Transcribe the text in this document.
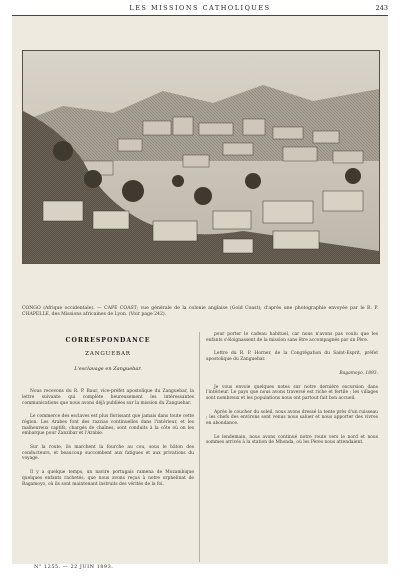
LES MISSIONS CATHOLIQUES	243
CONGO (Afrique occidentale). — CAPE COAST; vue générale de la colonie anglaise (Gold Coast); d'après une photographie envoyée par le R. P. CHAPELLE, des Missions africaines de Lyon. (Voir page 242).
CORRESPONDANCE
ZANGUEBAR
L'esclavage en Zanguebar.

Nous recevons du R. P. Baur, vice-préfet apostolique du Zanguebar, la lettre suivante qui complète heureusement les intéressantes communications que nous avons déjà publiées sur la mission du Zanguebar.

Le commerce des esclaves est plus florissant que jamais dans toute cette région. Les Arabes font des razzias continuelles dans l'intérieur, et les malheureux captifs, chargés de chaînes, sont conduits à la côte où on les embarque pour Zanzibar et l'Arabie.

Sur la route, ils marchent la fourche au cou, sous le bâton des conducteurs, et beaucoup succombent aux fatigues et aux privations du voyage.

Il y a quelque temps, un navire portugais ramena de Mozambique quelques enfants rachetés, que nous avons reçus à notre orphelinat de Bagamoyo, où ils sont maintenant instruits des vérités de la foi.

pour porter le cadeau habituel, car nous n'avons pas voulu que les enfants s'éloignassent de la mission sans être accompagnés par un Père.

Lettre du R. P. Horner, de la Congrégation du Saint-Esprit, préfet apostolique du Zanguebar.

Bagamoyo, 1893.

Je vous envoie quelques notes sur notre dernière excursion dans l'intérieur. Le pays que nous avons traversé est riche et fertile ; les villages sont nombreux et les populations nous ont partout fait bon accueil.

Après le coucher du soleil, nous avons dressé la tente près d'un ruisseau ; les chefs des environs sont venus nous saluer et nous apporter des vivres en abondance.

Le lendemain, nous avons continué notre route vers le nord et nous sommes arrivés à la station de Mhonda, où les Pères nous attendaient.

N° 1255. — 22 JUIN 1893.
